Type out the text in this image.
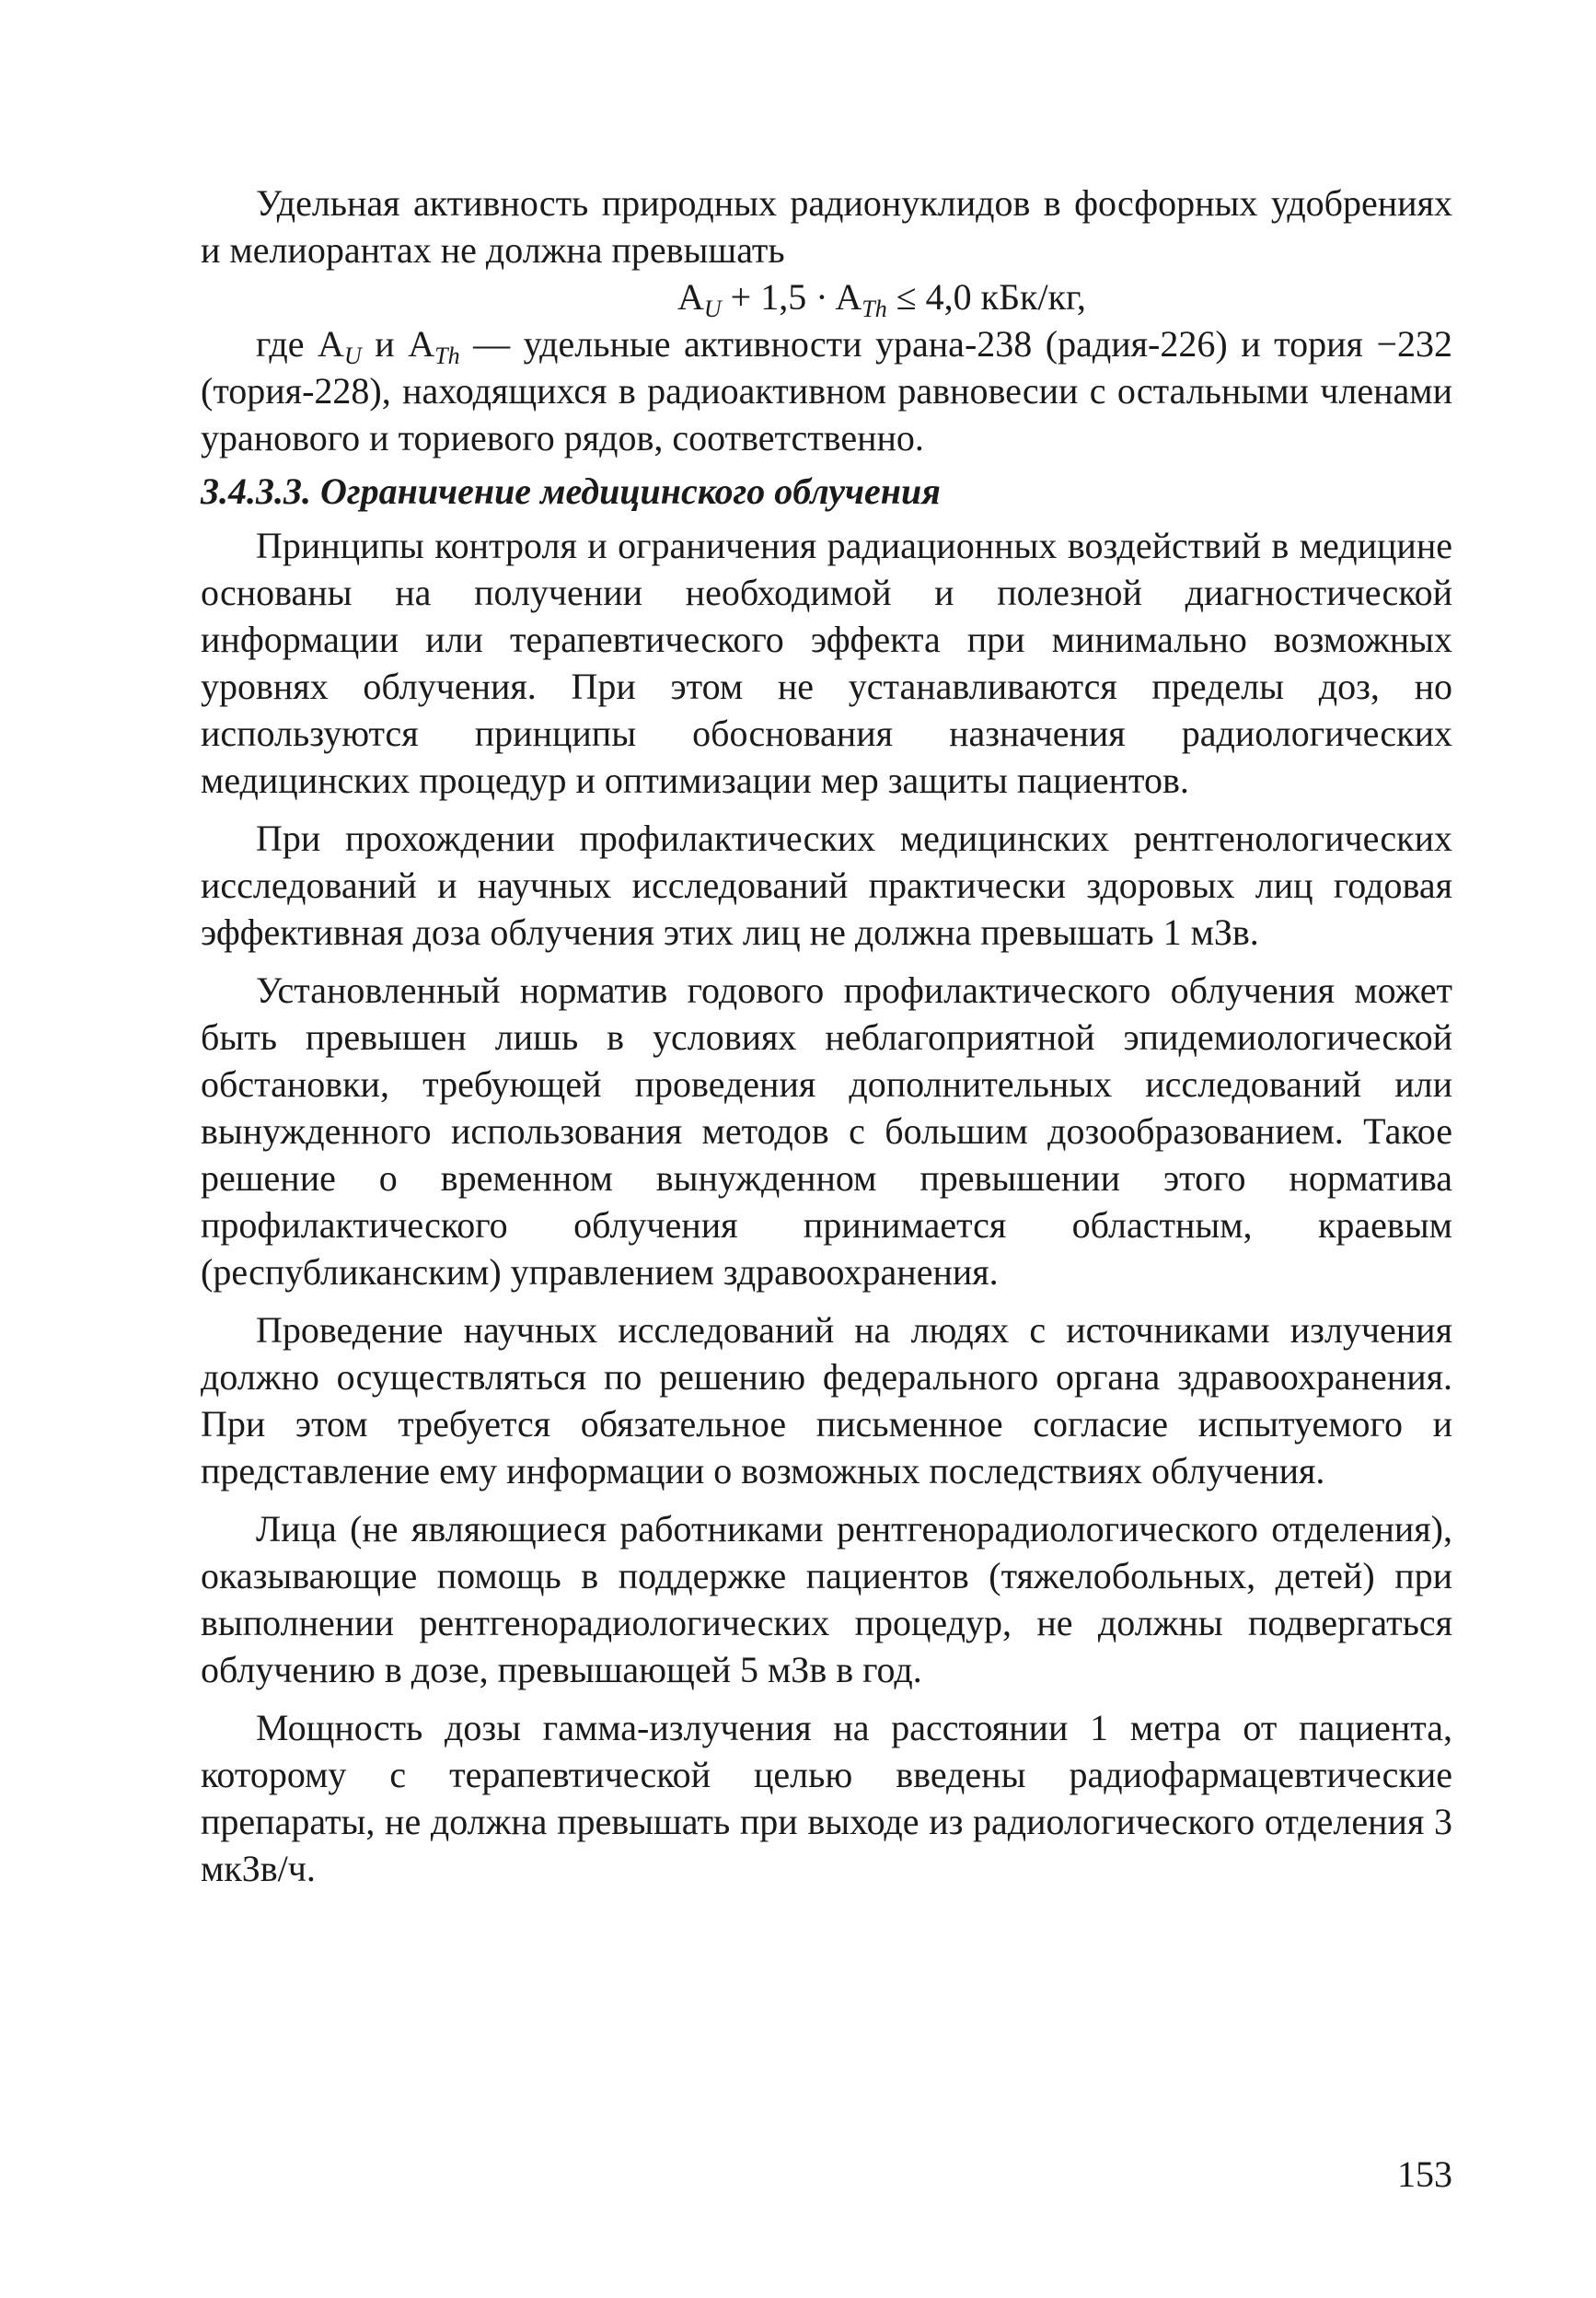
Удельная активность природных радионуклидов в фосфорных удобрениях и мелиорантах не должна превышать

$A_U + 1,5 \cdot A_{Th} \le 4,0$ кБк/кг,

где $A_U$ и $A_{Th}$ — удельные активности урана-238 (радия-226) и тория −232 (тория-228), находящихся в радиоактивном равновесии с остальными членами уранового и ториевого рядов, соответственно.

3.4.3.3. Ограничение медицинского облучения

Принципы контроля и ограничения радиационных воздействий в медицине основаны на получении необходимой и полезной диагностической информации или терапевтического эффекта при минимально возможных уровнях облучения. При этом не устанавливаются пределы доз, но используются принципы обоснования назначения радиологических медицинских процедур и оптимизации мер защиты пациентов.

При прохождении профилактических медицинских рентгенологических исследований и научных исследований практически здоровых лиц годовая эффективная доза облучения этих лиц не должна превышать 1 мЗв.

Установленный норматив годового профилактического облучения может быть превышен лишь в условиях неблагоприятной эпидемиологической обстановки, требующей проведения дополнительных исследований или вынужденного использования методов с большим дозообразованием. Такое решение о временном вынужденном превышении этого норматива профилактического облучения принимается областным, краевым (республиканским) управлением здравоохранения.

Проведение научных исследований на людях с источниками излучения должно осуществляться по решению федерального органа здравоохранения. При этом требуется обязательное письменное согласие испытуемого и представление ему информации о возможных последствиях облучения.

Лица (не являющиеся работниками рентгенорадиологического отделения), оказывающие помощь в поддержке пациентов (тяжелобольных, детей) при выполнении рентгенорадиологических процедур, не должны подвергаться облучению в дозе, превышающей 5 мЗв в год.

Мощность дозы гамма-излучения на расстоянии 1 метра от пациента, которому с терапевтической целью введены радиофармацевтические препараты, не должна превышать при выходе из радиологического отделения 3 мкЗв/ч.

153
